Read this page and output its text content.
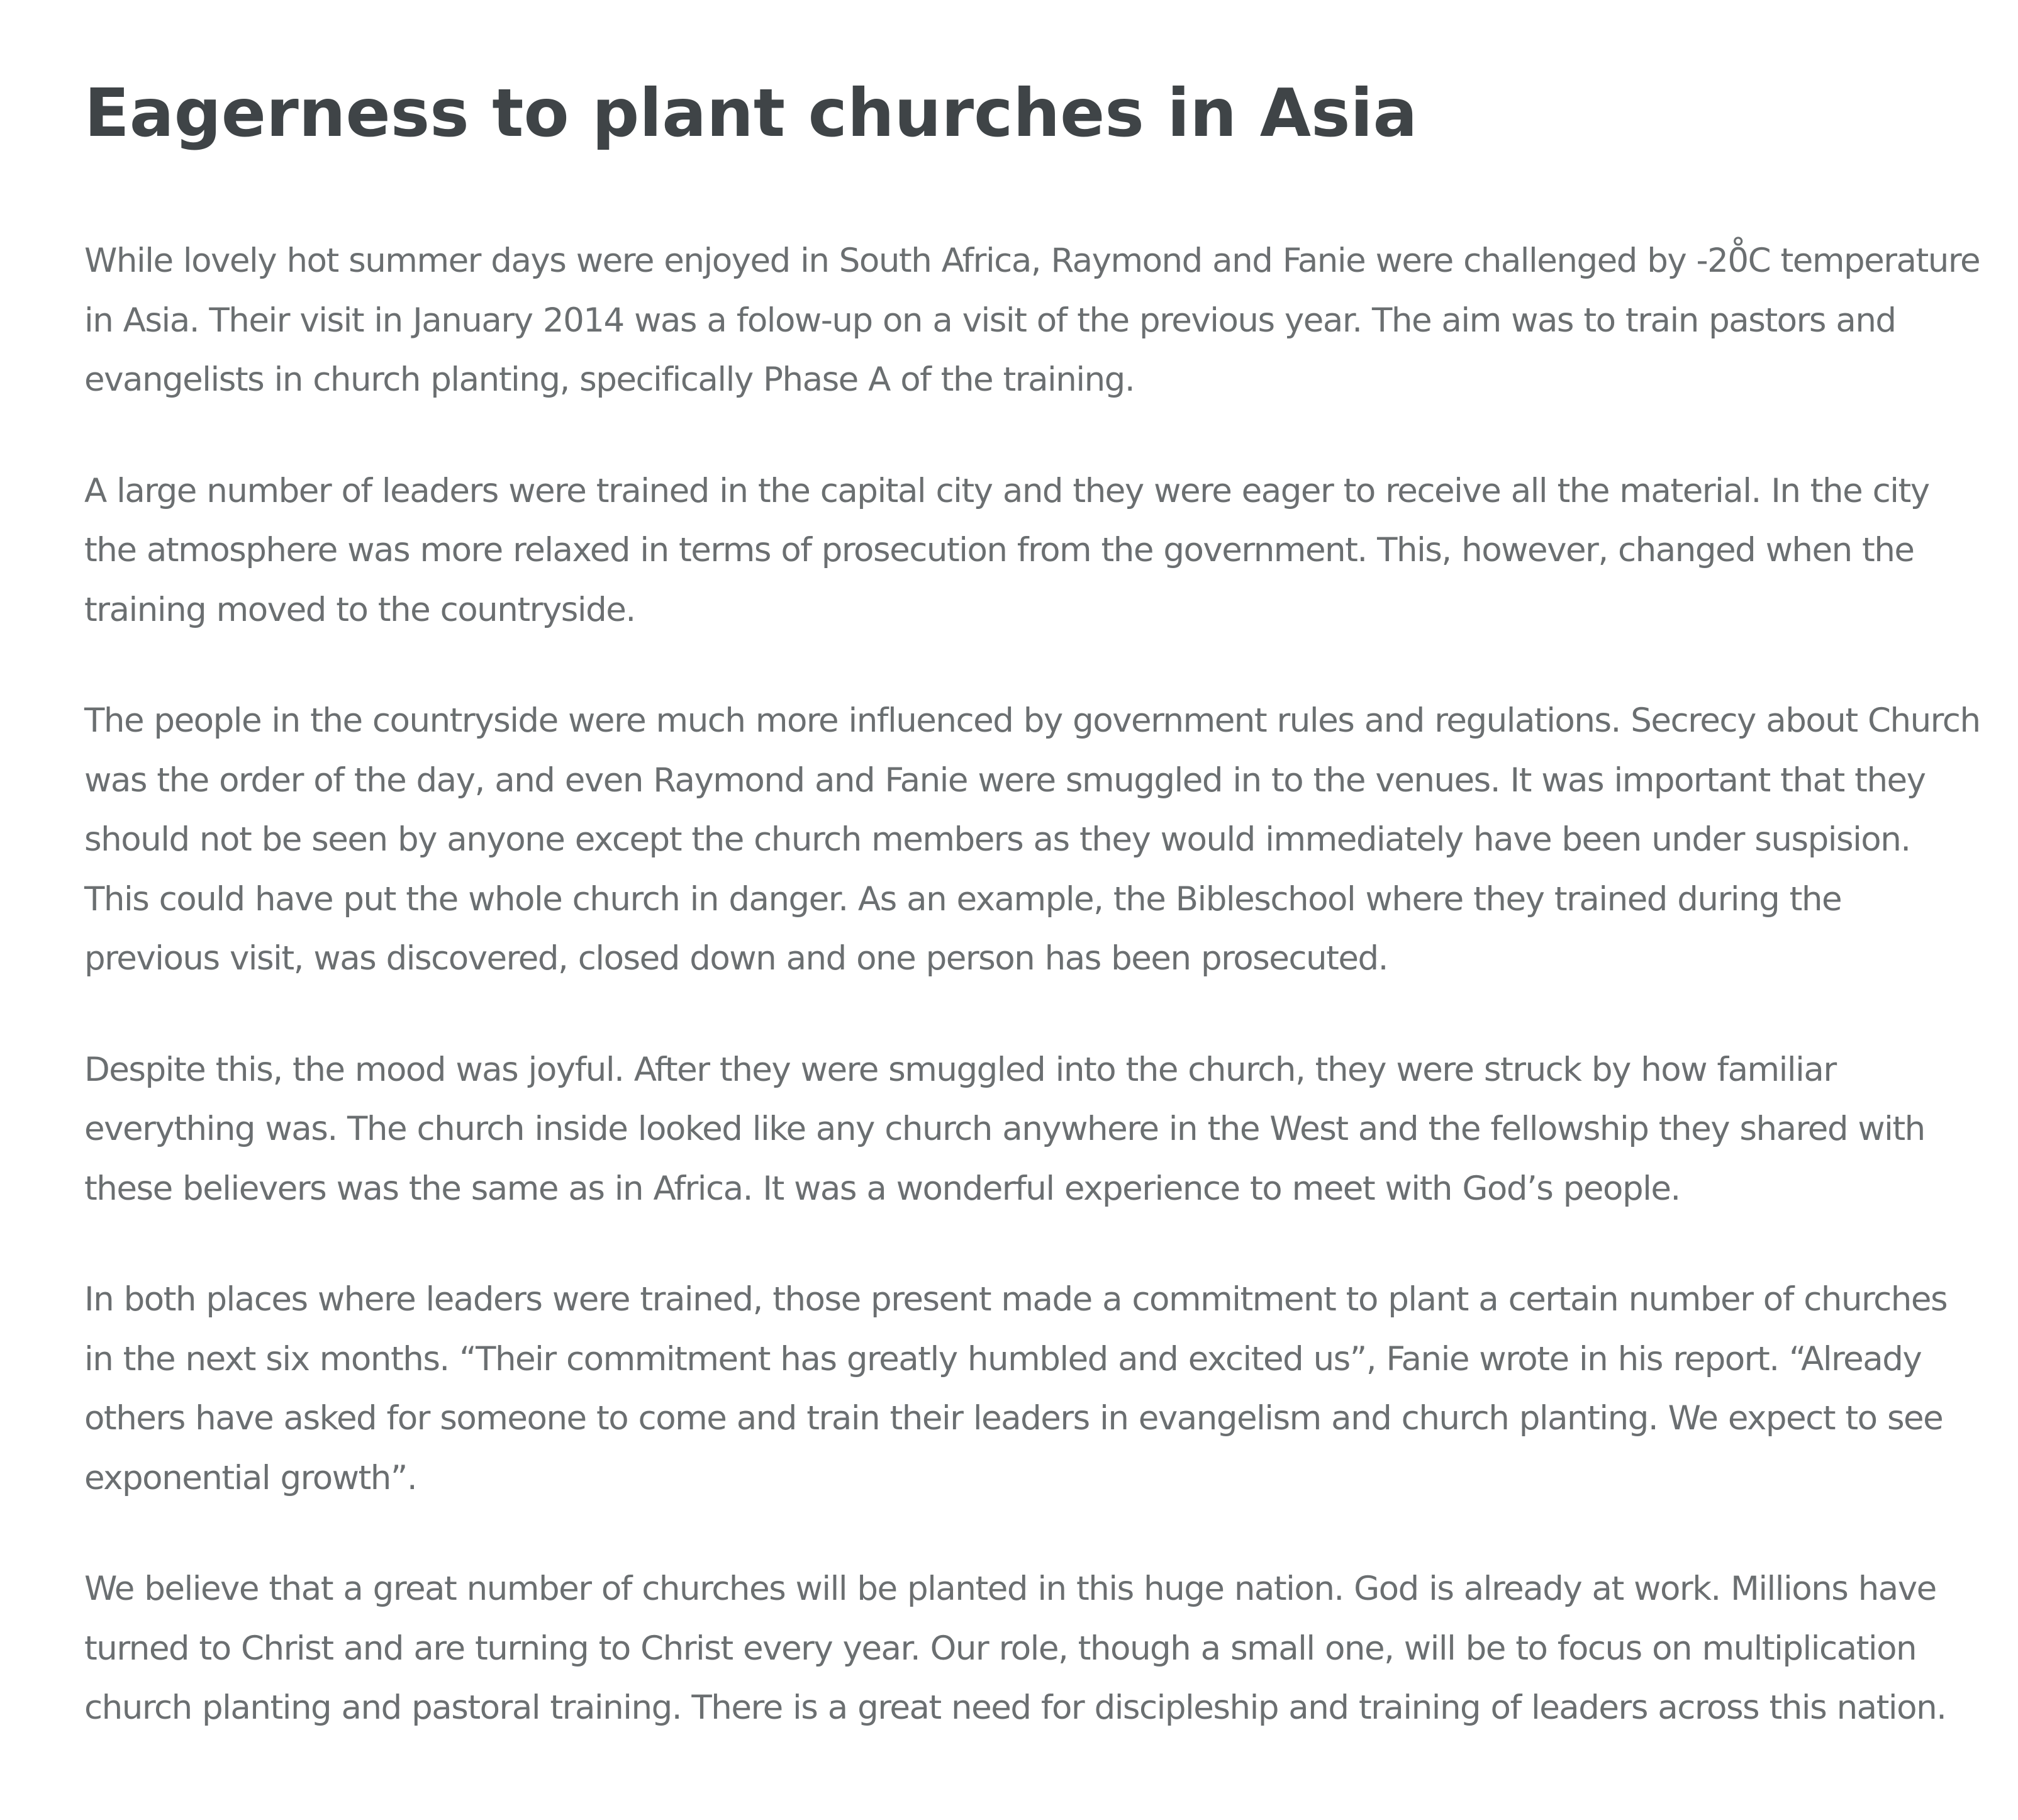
Eagerness to plant churches in Asia

While lovely hot summer days were enjoyed in South Africa, Raymond and Fanie were challenged by -20̊C temperature in Asia. Their visit in January 2014 was a folow-up on a visit of the previous year. The aim was to train pastors and evangelists in church planting, specifically Phase A of the training.

A large number of leaders were trained in the capital city and they were eager to receive all the material. In the city the atmosphere was more relaxed in terms of prosecution from the government. This, however, changed when the training moved to the countryside.

The people in the countryside were much more influenced by government rules and regulations. Secrecy about Church was the order of the day, and even Raymond and Fanie were smuggled in to the venues. It was important that they should not be seen by anyone except the church members as they would immediately have been under suspision. This could have put the whole church in danger. As an example, the Bibleschool where they trained during the previous visit, was discovered, closed down and one person has been prosecuted.

Despite this, the mood was joyful. After they were smuggled into the church, they were struck by how familiar everything was. The church inside looked like any church anywhere in the West and the fellowship they shared with these believers was the same as in Africa. It was a wonderful experience to meet with God’s people.

In both places where leaders were trained, those present made a commitment to plant a certain number of churches in the next six months. “Their commitment has greatly humbled and excited us”, Fanie wrote in his report. “Already others have asked for someone to come and train their leaders in evangelism and church planting. We expect to see exponential growth”.

We believe that a great number of churches will be planted in this huge nation. God is already at work. Millions have turned to Christ and are turning to Christ every year. Our role, though a small one, will be to focus on multiplication church planting and pastoral training. There is a great need for discipleship and training of leaders across this nation.
